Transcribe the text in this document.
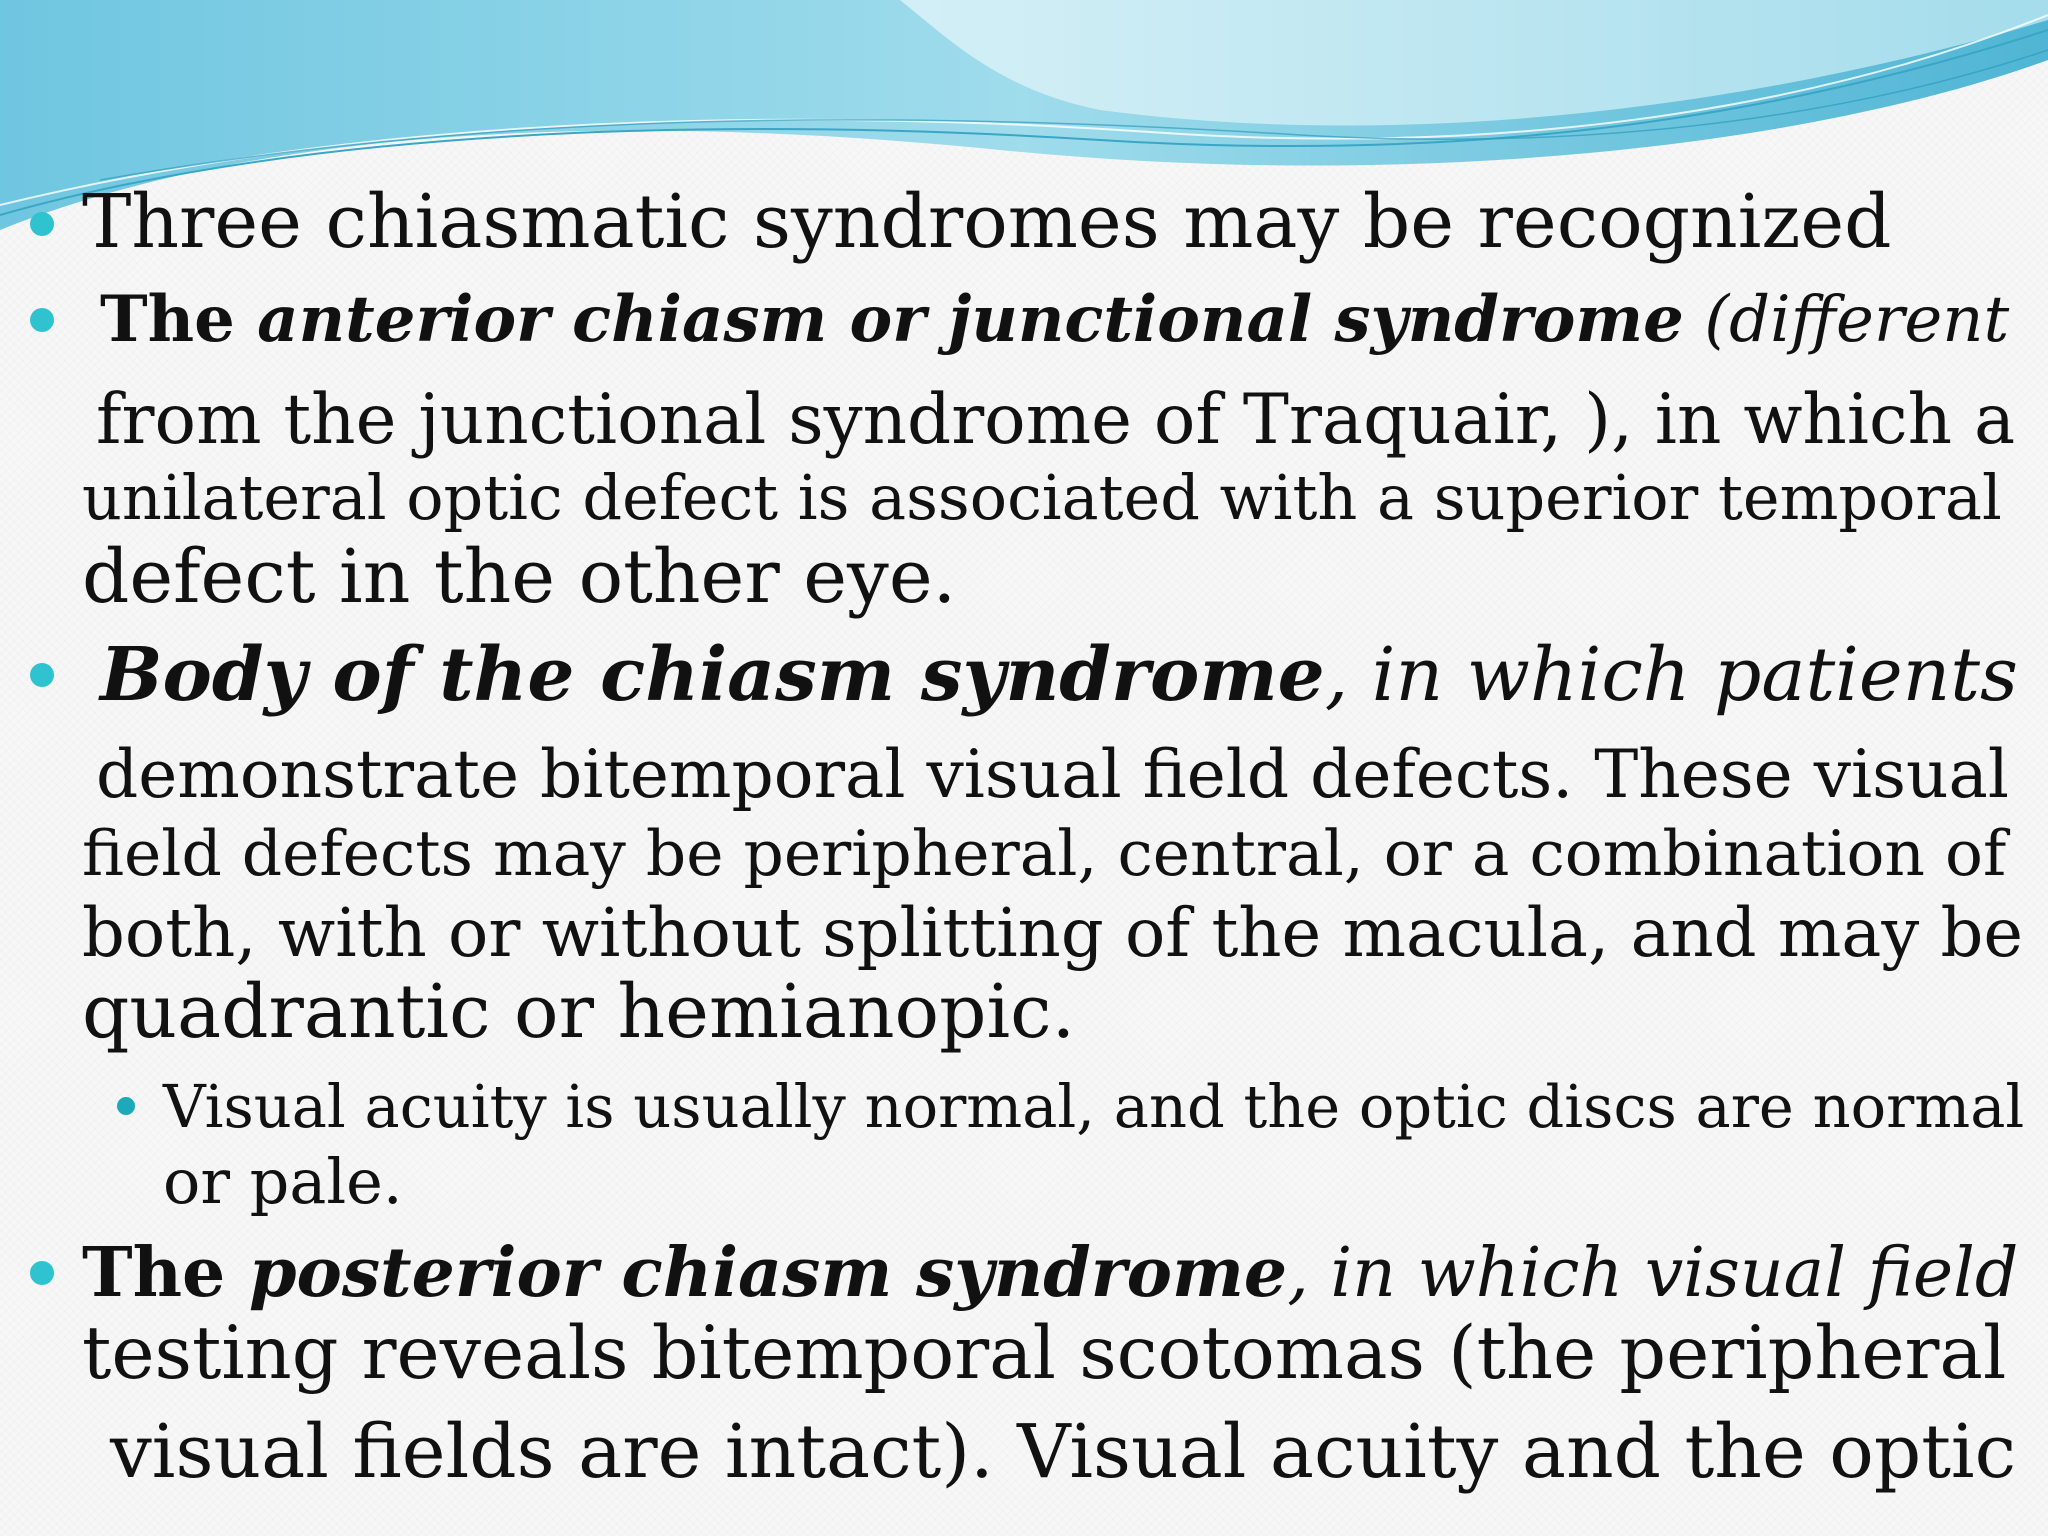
Three chiasmatic syndromes may be recognized
The anterior chiasm or junctional syndrome (different
from the junctional syndrome of Traquair, ), in which a
unilateral optic defect is associated with a superior temporal
defect in the other eye.
Body of the chiasm syndrome, in which patients
demonstrate bitemporal visual field defects. These visual
field defects may be peripheral, central, or a combination of
both, with or without splitting of the macula, and may be
quadrantic or hemianopic.
Visual acuity is usually normal, and the optic discs are normal
or pale.
The posterior chiasm syndrome, in which visual field
testing reveals bitemporal scotomas (the peripheral
visual fields are intact). Visual acuity and the optic
